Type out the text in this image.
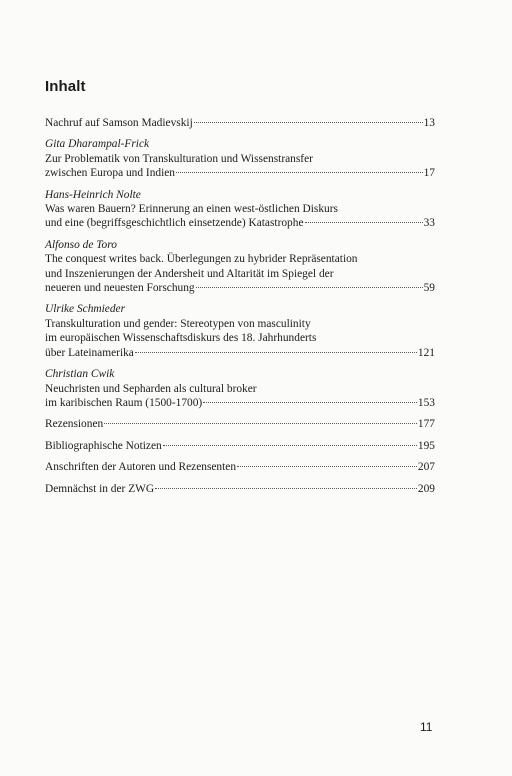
Inhalt
Nachruf auf Samson Madievskij	13
Gita Dharampal-Frick
Zur Problematik von Transkulturation und Wissenstransfer
zwischen Europa und Indien	17
Hans-Heinrich Nolte
Was waren Bauern? Erinnerung an einen west-östlichen Diskurs
und eine (begriffsgeschichtlich einsetzende) Katastrophe	33
Alfonso de Toro
The conquest writes back. Überlegungen zu hybrider Repräsentation
und Inszenierungen der Andersheit und Altarität im Spiegel der
neueren und neuesten Forschung	59
Ulrike Schmieder
Transkulturation und gender: Stereotypen von masculinity
im europäischen Wissenschaftsdiskurs des 18. Jahrhunderts
über Lateinamerika	121
Christian Cwik
Neuchristen und Sepharden als cultural broker
im karibischen Raum (1500-1700)	153
Rezensionen	177
Bibliographische Notizen	195
Anschriften der Autoren und Rezensenten	207
Demnächst in der ZWG	209
11
